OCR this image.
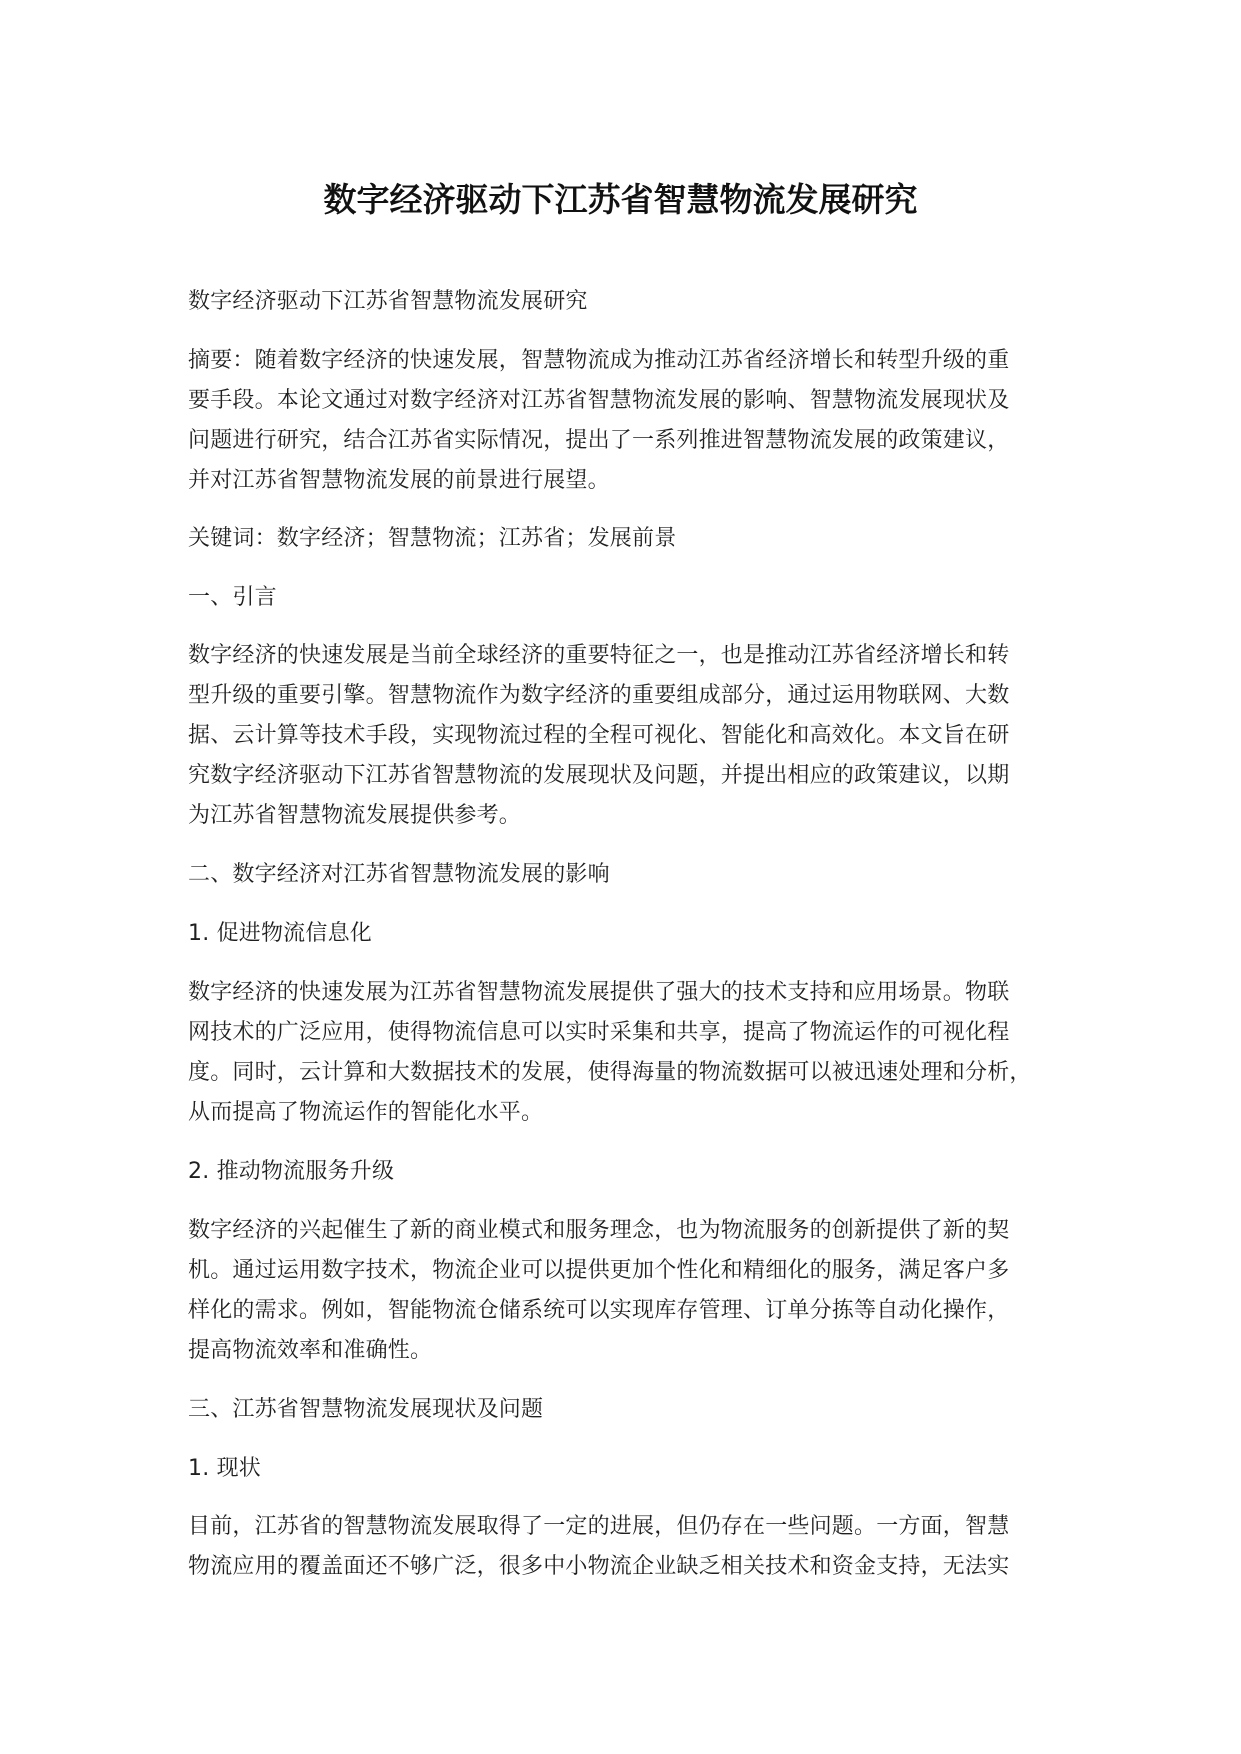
数字经济驱动下江苏省智慧物流发展研究

数字经济驱动下江苏省智慧物流发展研究

摘要：随着数字经济的快速发展，智慧物流成为推动江苏省经济增长和转型升级的重
要手段。本论文通过对数字经济对江苏省智慧物流发展的影响、智慧物流发展现状及
问题进行研究，结合江苏省实际情况，提出了一系列推进智慧物流发展的政策建议，
并对江苏省智慧物流发展的前景进行展望。

关键词：数字经济；智慧物流；江苏省；发展前景

一、引言

数字经济的快速发展是当前全球经济的重要特征之一，也是推动江苏省经济增长和转
型升级的重要引擎。智慧物流作为数字经济的重要组成部分，通过运用物联网、大数
据、云计算等技术手段，实现物流过程的全程可视化、智能化和高效化。本文旨在研
究数字经济驱动下江苏省智慧物流的发展现状及问题，并提出相应的政策建议，以期
为江苏省智慧物流发展提供参考。

二、数字经济对江苏省智慧物流发展的影响

1. 促进物流信息化

数字经济的快速发展为江苏省智慧物流发展提供了强大的技术支持和应用场景。物联
网技术的广泛应用，使得物流信息可以实时采集和共享，提高了物流运作的可视化程
度。同时，云计算和大数据技术的发展，使得海量的物流数据可以被迅速处理和分析，
从而提高了物流运作的智能化水平。

2. 推动物流服务升级

数字经济的兴起催生了新的商业模式和服务理念，也为物流服务的创新提供了新的契
机。通过运用数字技术，物流企业可以提供更加个性化和精细化的服务，满足客户多
样化的需求。例如，智能物流仓储系统可以实现库存管理、订单分拣等自动化操作，
提高物流效率和准确性。

三、江苏省智慧物流发展现状及问题

1. 现状

目前，江苏省的智慧物流发展取得了一定的进展，但仍存在一些问题。一方面，智慧
物流应用的覆盖面还不够广泛，很多中小物流企业缺乏相关技术和资金支持，无法实
